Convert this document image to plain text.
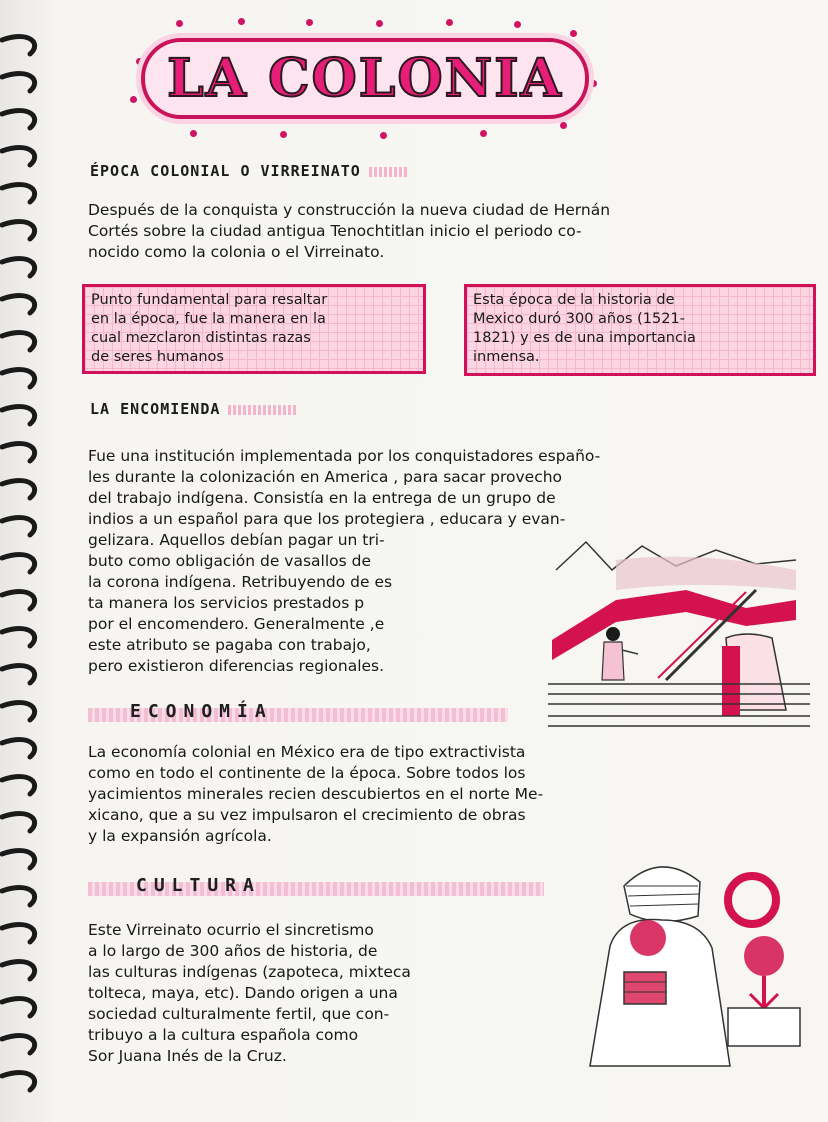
LA COLONIA
ÉPOCA COLONIAL O VIRREINATO
Después de la conquista y construcción la nueva ciudad de Hernán
Cortés sobre la ciudad antigua Tenochtitlan inicio el periodo co-
nocido como la colonia o el Virreinato.
Punto fundamental para resaltar
en la época, fue la manera en la
cual mezclaron distintas razas
de seres humanos
Esta época de la historia de
Mexico duró 300 años (1521-
1821) y es de una importancia
inmensa.
LA ENCOMIENDA
Fue una institución implementada por los conquistadores españo-
les durante la colonización en America , para sacar provecho
del trabajo indígena. Consistía en la entrega de un grupo de
indios a un español para que los protegiera , educara y evan-
gelizara. Aquellos debían pagar un tri-
buto como obligación de vasallos de
la corona indígena. Retribuyendo de es
ta manera los servicios prestados p
por el encomendero. Generalmente ,e
este atributo se pagaba con trabajo,
pero existieron diferencias regionales.
ECONOMÍA
La economía colonial en México era de tipo extractivista
como en todo el continente de la época. Sobre todos los
yacimientos minerales recien descubiertos en el norte Me-
xicano, que a su vez impulsaron el crecimiento de obras
y la expansión agrícola.
CULTURA
Este Virreinato ocurrio el sincretismo
a lo largo de 300 años de historia, de
las culturas indígenas (zapoteca, mixteca
tolteca, maya, etc). Dando origen a una
sociedad culturalmente fertil, que con-
tribuyo a la cultura española como
Sor Juana Inés de la Cruz.
